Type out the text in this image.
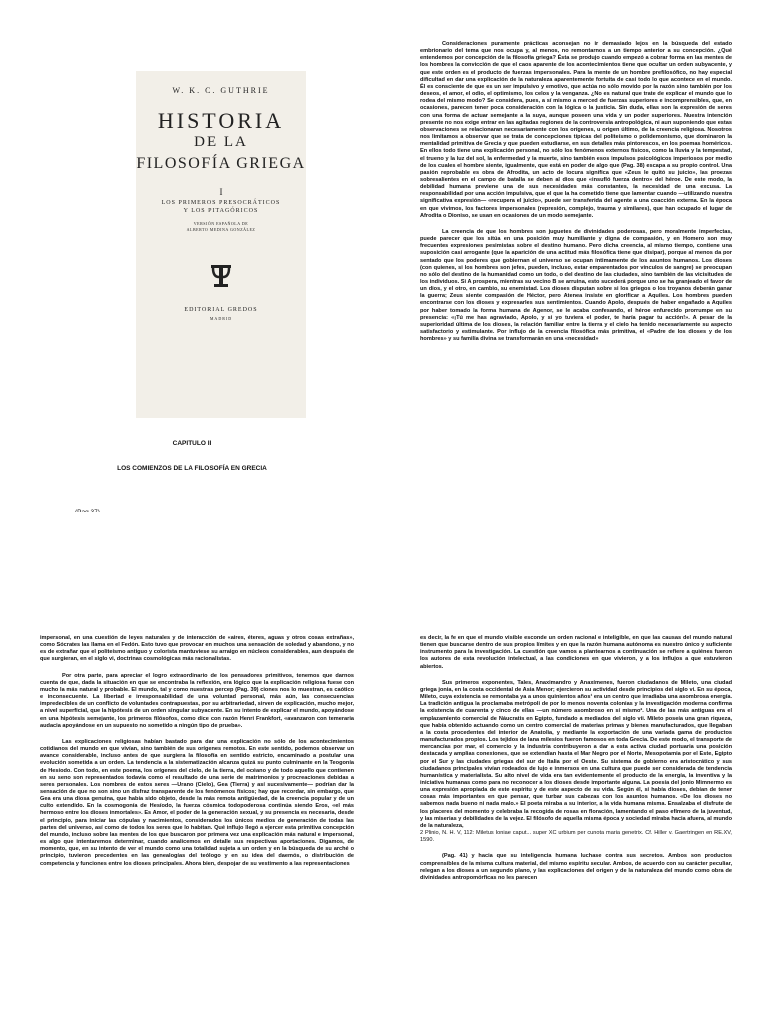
W. K. C. GUTHRIE
HISTORIA
DE LA
FILOSOFÍA GRIEGA
I
LOS PRIMEROS PRESOCRÁTICOS
Y LOS PITAGÓRICOS
VERSIÓN ESPAÑOLA DE
ALBERTO MEDINA GONZÁLEZ
EDITORIAL GREDOS
MADRID
CAPITULO II
LOS COMIENZOS DE LA FILOSOFÍA EN GRECIA

Consideraciones puramente prácticas aconsejan no ir demasiado lejos en la búsqueda del estado embrionario del tema que nos ocupa y, al menos, no remontarnos a un tiempo anterior a su concepción. ¿Qué entendemos por concepción de la filosofía griega? Ésta se produjo cuando empezó a cobrar forma en las mentes de los hombres la convicción de que el caos aparente de los acontecimientos tiene que ocultar un orden subyacente, y que este orden es el producto de fuerzas impersonales. Para la mente de un hombre prefilosófico, no hay especial dificultad en dar una explicación de la naturaleza aparentemente fortuita de casi todo lo que acontece en el mundo. Él es consciente de que es un ser impulsivo y emotivo, que actúa no sólo movido por la razón sino también por los deseos, el amor, el odio, el optimismo, los celos y la venganza. ¿No es natural que trate de explicar el mundo que lo rodea del mismo modo? Se considera, pues, a sí mismo a merced de fuerzas superiores e incomprensibles, que, en ocasiones, parecen tener poca consideración con la lógica o la justicia. Sin duda, ellas son la expresión de seres con una forma de actuar semejante a la suya, aunque poseen una vida y un poder superiores. Nuestra intención presente no nos exige entrar en las agitadas regiones de la controversia antropológica, ni aun suponiendo que estas observaciones se relacionaran necesariamente con los orígenes, u origen último, de la creencia religiosa. Nosotros nos limitamos a observar que se trata de concepciones típicas del politeísmo o polidemonismo, que dominaron la mentalidad primitiva de Grecia y que pueden estudiarse, en sus detalles más pintorescos, en los poemas homéricos. En ellos todo tiene una explicación personal, no sólo los fenómenos externos físicos, como la lluvia y la tempestad, el trueno y la luz del sol, la enfermedad y la muerte, sino también esos impulsos psicológicos imperiosos por medio de los cuales el hombre siente, igualmente, que está en poder de algo que (Pag. 38) escapa a su propio control. Una pasión reprobable es obra de Afrodita, un acto de locura significa que «Zeus le quitó su juicio», las proezas sobresalientes en el campo de batalla se deben al dios que «insufló fuerza dentro» del héroe. De este modo, la debilidad humana previene una de sus necesidades más constantes, la necesidad de una excusa. La responsabilidad por una acción impulsiva, que el que la ha cometido tiene que lamentar cuando —utilizando nuestra significativa expresión— «recupera el juicio», puede ser transferida del agente a una coacción externa. En la época en que vivimos, los factores impersonales (represión, complejo, trauma y similares), que han ocupado el lugar de Afrodita o Dioniso, se usan en ocasiones de un modo semejante.

La creencia de que los hombres son juguetes de divinidades poderosas, pero moralmente imperfectas, puede parecer que los sitúa en una posición muy humillante y digna de compasión, y en Homero son muy frecuentes expresiones pesimistas sobre el destino humano. Pero dicha creencia, al mismo tiempo, contiene una suposición casi arrogante (que la aparición de una actitud más filosófica tiene que disipar), porque al menos da por sentado que los poderes que gobiernan el universo se ocupan íntimamente de los asuntos humanos. Los dioses (con quienes, si los hombres son jefes, pueden, incluso, estar emparentados por vínculos de sangre) se preocupan no sólo del destino de la humanidad como un todo, o del destino de las ciudades, sino también de las vicisitudes de los individuos. Si A prospera, mientras su vecino B se arruina, esto sucederá porque uno se ha granjeado el favor de un dios, y el otro, en cambio, su enemistad. Los dioses disputan sobre si los griegos o los troyanos deberán ganar la guerra; Zeus siente compasión de Héctor, pero Atenea insiste en glorificar a Aquiles. Los hombres pueden encontrarse con los dioses y expresarles sus sentimientos. Cuando Apolo, después de haber engañado a Aquiles por haber tomado la forma humana de Agenor, se le acaba confesando, el héroe enfurecido prorrumpe en su presencia: «¡Tú me has agraviado, Apolo, y si yo tuviera el poder, te haría pagar tu acción!». A pesar de la superioridad última de los dioses, la relación familiar entre la tierra y el cielo ha tenido necesariamente su aspecto satisfactorio y estimulante. Por influjo de la creencia filosófica más primitiva, el «Padre de los dioses y de los hombres» y su familia divina se transformarán en una «necesidad»

impersonal, en una cuestión de leyes naturales y de interacción de «aires, éteres, aguas y otros cosas extrañas», como Sócrates las llama en el Fedón. Esto tuvo que provocar en muchos una sensación de soledad y abandono, y no es de extrañar que el politeísmo antiguo y colorista mantuviese su arraigo en núcleos considerables, aun después de que surgieran, en el siglo vi, doctrinas cosmológicas más racionalistas.

Por otra parte, para apreciar el logro extraordinario de los pensadores primitivos, tenemos que darnos cuenta de que, dada la situación en que se encontraba la reflexión, era lógico que la explicación religiosa fuese con mucho la más natural y probable. El mundo, tal y como nuestras percep (Pag. 39) ciones nos lo muestran, es caótico e inconsecuente. La libertad e irresponsabilidad de una voluntad personal, más aún, las consecuencias impredecibles de un conflicto de voluntades contrapuestas, por su arbitrariedad, sirven de explicación, mucho mejor, a nivel superficial, que la hipótesis de un orden singular subyacente. En su intento de explicar el mundo, apoyándose en una hipótesis semejante, los primeros filósofos, como dice con razón Henri Frankfort, «avanzaron con temeraria audacia apoyándose en un supuesto no sometido a ningún tipo de prueba».

Las explicaciones religiosas habían bastado para dar una explicación no sólo de los acontecimientos cotidianos del mundo en que vivían, sino también de sus orígenes remotos. En este sentido, podemos observar un avance considerable, incluso antes de que surgiera la filosofía en sentido estricto, encaminado a postular una evolución sometida a un orden. La tendencia a la sistematización alcanza quizá su punto culminante en la Teogonía de Hesíodo. Con todo, en este poema, los orígenes del cielo, de la tierra, del océano y de todo aquello que contienen en su seno son representados todavía como el resultado de una serie de matrimonios y procreaciones debidas a seres personales. Los nombres de estos seres —Urano (Cielo), Gea (Tierra) y así sucesivamente— podrían dar la sensación de que no son sino un disfraz transparente de los fenómenos físicos; hay que recordar, sin embargo, que Gea era una diosa genuina, que había sido objeto, desde la más remota antigüedad, de la creencia popular y de un culto extendido. En la cosmogonía de Hesíodo, la fuerza cósmica todopoderosa continúa siendo Eros, «el más hermoso entre los dioses inmortales». Es Amor, el poder de la generación sexual, y su presencia es necesaria, desde el principio, para iniciar las cópulas y nacimientos, considerados los únicos medios de generación de todas las partes del universo, así como de todos los seres que lo habitan. Qué influjo llegó a ejercer esta primitiva concepción del mundo, incluso sobre las mentes de los que buscaron por primera vez una explicación más natural e impersonal, es algo que intentaremos determinar, cuando analicemos en detalle sus respectivas aportaciones. Digamos, de momento, que, en su intento de ver el mundo como una totalidad sujeta a un orden y en la búsqueda de su arché o principio, tuvieron precedentes en las genealogías del teólogo y en su idea del daemós, o distribución de competencia y funciones entre los dioses principales. Ahora bien, despojar de su vestimento a las representaciones

es decir, la fe en que el mundo visible esconde un orden racional e inteligible, en que las causas del mundo natural tienen que buscarse dentro de sus propios límites y en que la razón humana autónoma es nuestro único y suficiente instrumento para la investigación. La cuestión que vamos a plantearnos a continuación se refiere a quiénes fueron los autores de esta revolución intelectual, a las condiciones en que vivieron, y a los influjos a que estuvieron abiertos.

Sus primeros exponentes, Tales, Anaximandro y Anaxímenes, fueron ciudadanos de Mileto, una ciudad griega jonia, en la costa occidental de Asia Menor; ejercieron su actividad desde principios del siglo vi. En su época, Mileto, cuya existencia se remontaba ya a unos quinientos años¹ era un centro que irradiaba una asombrosa energía. La tradición antigua la proclamaba metrópoli de por lo menos noventa colonias y la investigación moderna confirma la existencia de cuarenta y cinco de ellas —un número asombroso en sí mismo². Una de las más antiguas era el emplazamiento comercial de Náucratis en Egipto, fundado a mediados del siglo vii. Mileto poseía una gran riqueza, que había obtenido actuando como un centro comercial de materias primas y bienes manufacturados, que llegaban a la costa procedentes del interior de Anatolia, y mediante la exportación de una variada gama de productos manufacturados propios. Los tejidos de lana milesios fueron famosos en toda Grecia. De este modo, el transporte de mercancías por mar, el comercio y la industria contribuyeron a dar a esta activa ciudad portuaria una posición destacada y amplias conexiones, que se extendían hasta el Mar Negro por el Norte, Mesopotamia por el Este, Egipto por el Sur y las ciudades griegas del sur de Italia por el Oeste. Su sistema de gobierno era aristocrático y sus ciudadanos principales vivían rodeados de lujo e inmersos en una cultura que puede ser considerada de tendencia humanística y materialista. Su alto nivel de vida era tan evidentemente el producto de la energía, la inventiva y la iniciativa humanas como para no reconocer a los dioses desde importante alguna. La poesía del jonio Mimnermo es una expresión apropiada de este espíritu y de este aspecto de su vida. Según él, si había dioses, debían de tener cosas más importantes en que pensar, que turbar sus cabezas con los asuntos humanos. «De los dioses no sabemos nada bueno ni nada malo.» El poeta miraba a su interior, a la vida humana misma. Ensalzaba el disfrute de los placeres del momento y celebraba la recogida de rosas en floración, lamentando el paso efímero de la juventud, y las miserias y debilidades de la vejez. El filósofo de aquella misma época y sociedad miraba hacia afuera, al mundo de la naturaleza,

2 Plinio, N. H. V, 112: Miletus Ioniae caput... super XC urbium per cunota maria genetrix. Cf. Hiller v. Gaertringen en RE.XV, 1590.

(Pag. 41) y hacia que su inteligencia humana luchase contra sus secretos. Ambos son productos comprensibles de la misma cultura material, del mismo espíritu secular. Ambos, de acuerdo con su carácter peculiar, relegan a los dioses a un segundo plano, y las explicaciones del origen y de la naturaleza del mundo como obra de divinidades antropomórficas no les parecen
